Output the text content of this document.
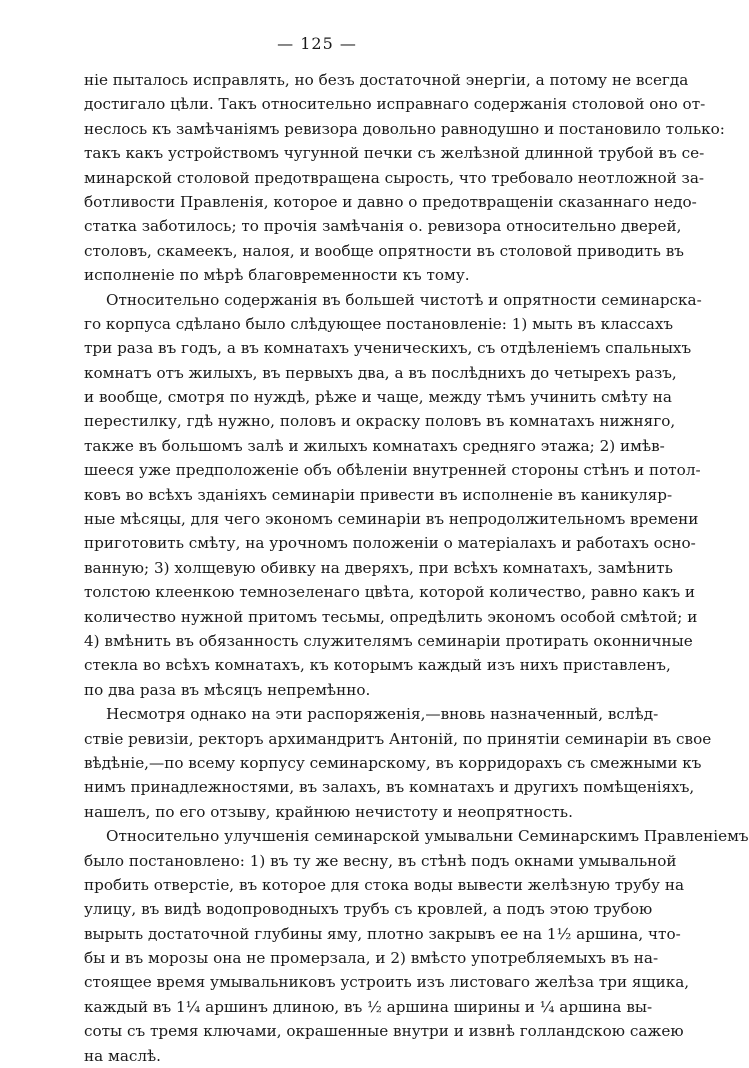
— 125 —
ніе пыталось исправлять, но безъ достаточной энергіи, а потому не всегда
достигало цѣли. Такъ относительно исправнаго содержанія столовой оно от-
неслось къ замѣчаніямъ ревизора довольно равнодушно и постановило только:
такъ какъ устройствомъ чугунной печки съ желѣзной длинной трубой въ се-
минарской столовой предотвращена сырость, что требовало неотложной за-
ботливости Правленія, которое и давно о предотвращеніи сказаннаго недо-
статка заботилось; то прочія замѣчанія о. ревизора относительно дверей,
столовъ, скамеекъ, налоя, и вообще опрятности въ столовой приводить въ
исполненіе по мѣрѣ благовременности къ тому.
Относительно содержанія въ большей чистотѣ и опрятности семинарска-
го корпуса сдѣлано было слѣдующее постановленіе: 1) мыть въ классахъ
три раза въ годъ, а въ комнатахъ ученическихъ, съ отдѣленіемъ спальныхъ
комнатъ отъ жилыхъ, въ первыхъ два, а въ послѣднихъ до четырехъ разъ,
и вообще, смотря по нуждѣ, рѣже и чаще, между тѣмъ учинить смѣту на
перестилку, гдѣ нужно, половъ и окраску половъ въ комнатахъ нижняго,
также въ большомъ залѣ и жилыхъ комнатахъ средняго этажа; 2) имѣв-
шееся уже предположеніе объ обѣленіи внутренней стороны стѣнъ и потол-
ковъ во всѣхъ зданіяхъ семинаріи привести въ исполненіе въ каникуляр-
ные мѣсяцы, для чего экономъ семинаріи въ непродолжительномъ времени
приготовить смѣту, на урочномъ положеніи о матеріалахъ и работахъ осно-
ванную; 3) холщевую обивку на дверяхъ, при всѣхъ комнатахъ, замѣнить
толстою клеенкою темнозеленаго цвѣта, которой количество, равно какъ и
количество нужной притомъ тесьмы, опредѣлить экономъ особой смѣтой; и
4) вмѣнить въ обязанность служителямъ семинаріи протирать оконничные
стекла во всѣхъ комнатахъ, къ которымъ каждый изъ нихъ приставленъ,
по два раза въ мѣсяцъ непремѣнно.
Несмотря однако на эти распоряженія,—вновь назначенный, вслѣд-
ствіе ревизіи, ректоръ архимандритъ Антоній, по принятіи семинаріи въ свое
вѣдѣніе,—по всему корпусу семинарскому, въ корридорахъ съ смежными къ
нимъ принадлежностями, въ залахъ, въ комнатахъ и другихъ помѣщеніяхъ,
нашелъ, по его отзыву, крайнюю нечистоту и неопрятность.
Относительно улучшенія семинарской умывальни Семинарскимъ Правленіемъ
было постановлено: 1) въ ту же весну, въ стѣнѣ подъ окнами умывальной
пробить отверстіе, въ которое для стока воды вывести желѣзную трубу на
улицу, въ видѣ водопроводныхъ трубъ съ кровлей, а подъ этою трубою
вырыть достаточной глубины яму, плотно закрывъ ее на 1½ аршина, что-
бы и въ морозы она не промерзала, и 2) вмѣсто употребляемыхъ въ на-
стоящее время умывальниковъ устроить изъ листоваго желѣза три ящика,
каждый въ 1¼ аршинъ длиною, въ ½ аршина ширины и ¼ аршина вы-
соты съ тремя ключами, окрашенные внутри и извнѣ голландскою сажею
на маслѣ.
